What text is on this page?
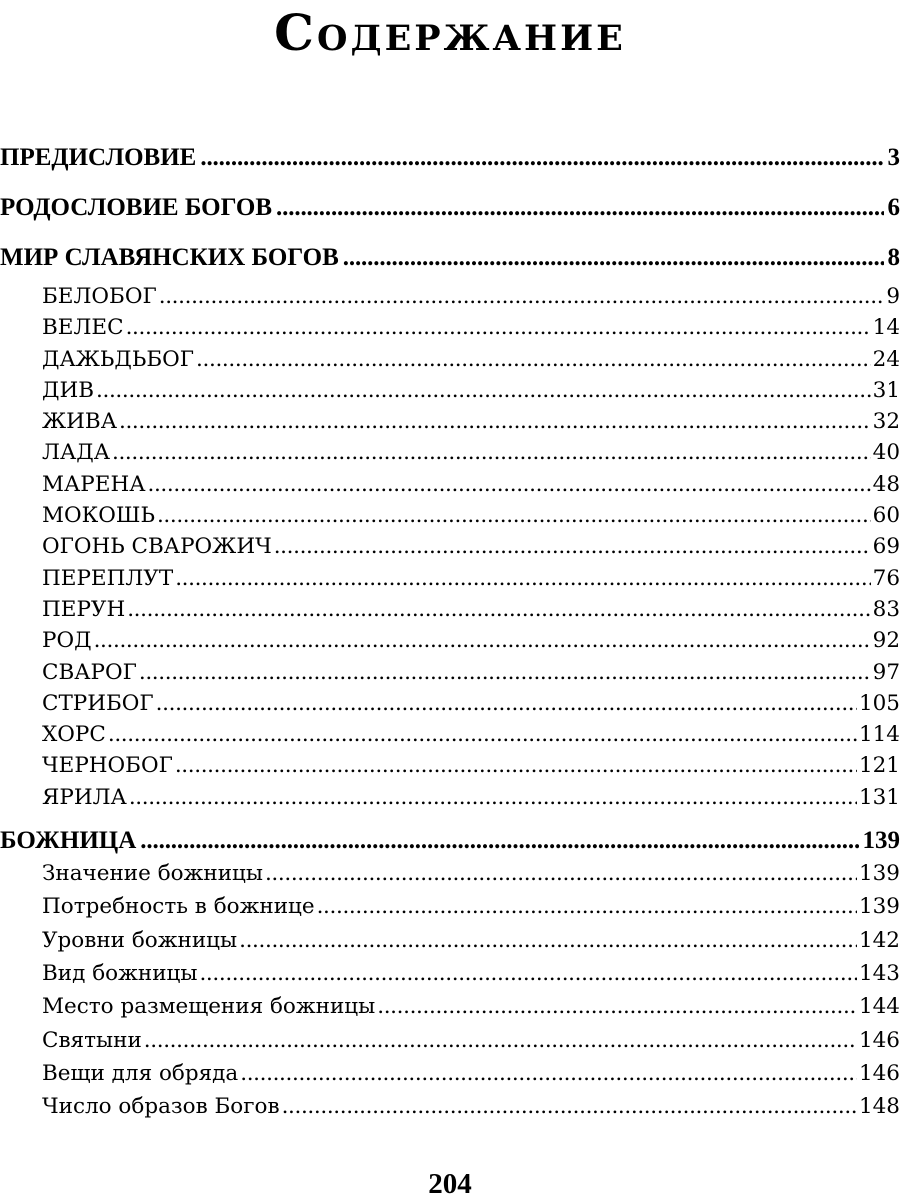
Содержание
ПРЕДИСЛОВИЕ . . .	3
РОДОСЛОВИЕ БОГОВ . . .	6
МИР СЛАВЯНСКИХ БОГОВ . . .	8
БЕЛОБОГ . . .	9
ВЕЛЕС . . .	14
ДАЖЬДЬБОГ . . .	24
ДИВ . . .	31
ЖИВА . . .	32
ЛАДА . . .	40
МАРЕНА . . .	48
МОКОШЬ . . .	60
ОГОНЬ СВАРОЖИЧ . . .	69
ПЕРЕПЛУТ . . .	76
ПЕРУН . . .	83
РОД . . .	92
СВАРОГ . . .	97
СТРИБОГ . . .	105
ХОРС . . .	114
ЧЕРНОБОГ . . .	121
ЯРИЛА . . .	131
БОЖНИЦА . . .	139
Значение божницы . . .	139
Потребность в божнице . . .	139
Уровни божницы . . .	142
Вид божницы . . .	143
Место размещения божницы . . .	144
Святыни . . .	146
Вещи для обряда . . .	146
Число образов Богов . . .	148
204
